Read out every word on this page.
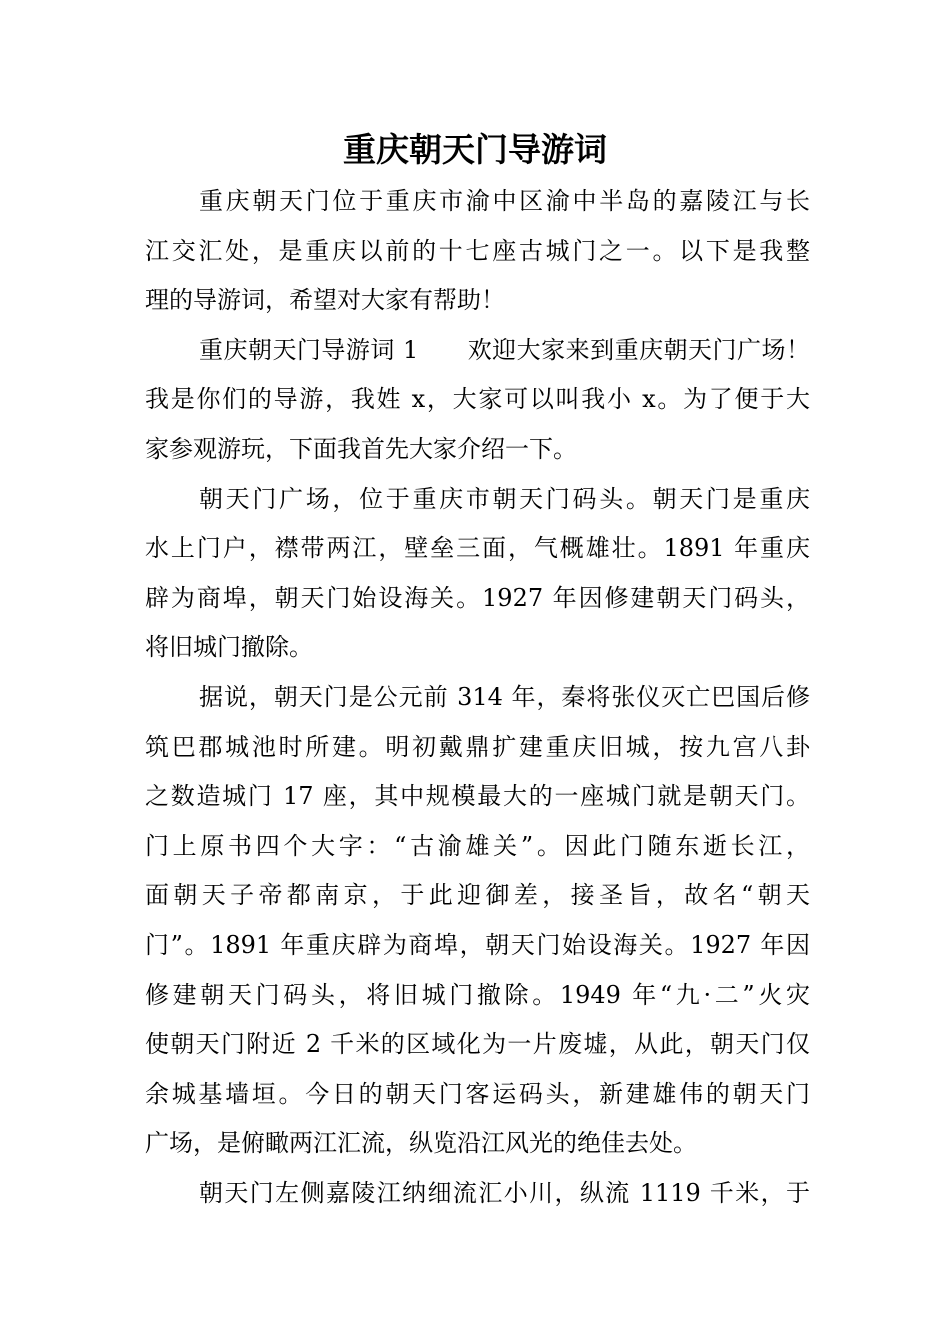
重庆朝天门导游词

重庆朝天门位于重庆市渝中区渝中半岛的嘉陵江与长

江交汇处，是重庆以前的十七座古城门之一。以下是我整

理的导游词，希望对大家有帮助！

重庆朝天门导游词 1　　欢迎大家来到重庆朝天门广场！

我是你们的导游，我姓 x，大家可以叫我小 x。为了便于大

家参观游玩，下面我首先大家介绍一下。

朝天门广场，位于重庆市朝天门码头。朝天门是重庆

水上门户，襟带两江，壁垒三面，气概雄壮。1891 年重庆

辟为商埠，朝天门始设海关。1927 年因修建朝天门码头，

将旧城门撤除。

据说，朝天门是公元前 314 年，秦将张仪灭亡巴国后修

筑巴郡城池时所建。明初戴鼎扩建重庆旧城，按九宫八卦

之数造城门 17 座，其中规模最大的一座城门就是朝天门。

门上原书四个大字：“古渝雄关”。因此门随东逝长江，

面朝天子帝都南京，于此迎御差，接圣旨，故名“朝天

门”。1891 年重庆辟为商埠，朝天门始设海关。1927 年因

修建朝天门码头，将旧城门撤除。1949 年“九·二”火灾

使朝天门附近 2 千米的区域化为一片废墟，从此，朝天门仅

余城基墙垣。今日的朝天门客运码头，新建雄伟的朝天门

广场，是俯瞰两江汇流，纵览沿江风光的绝佳去处。

朝天门左侧嘉陵江纳细流汇小川，纵流 1119 千米，于
